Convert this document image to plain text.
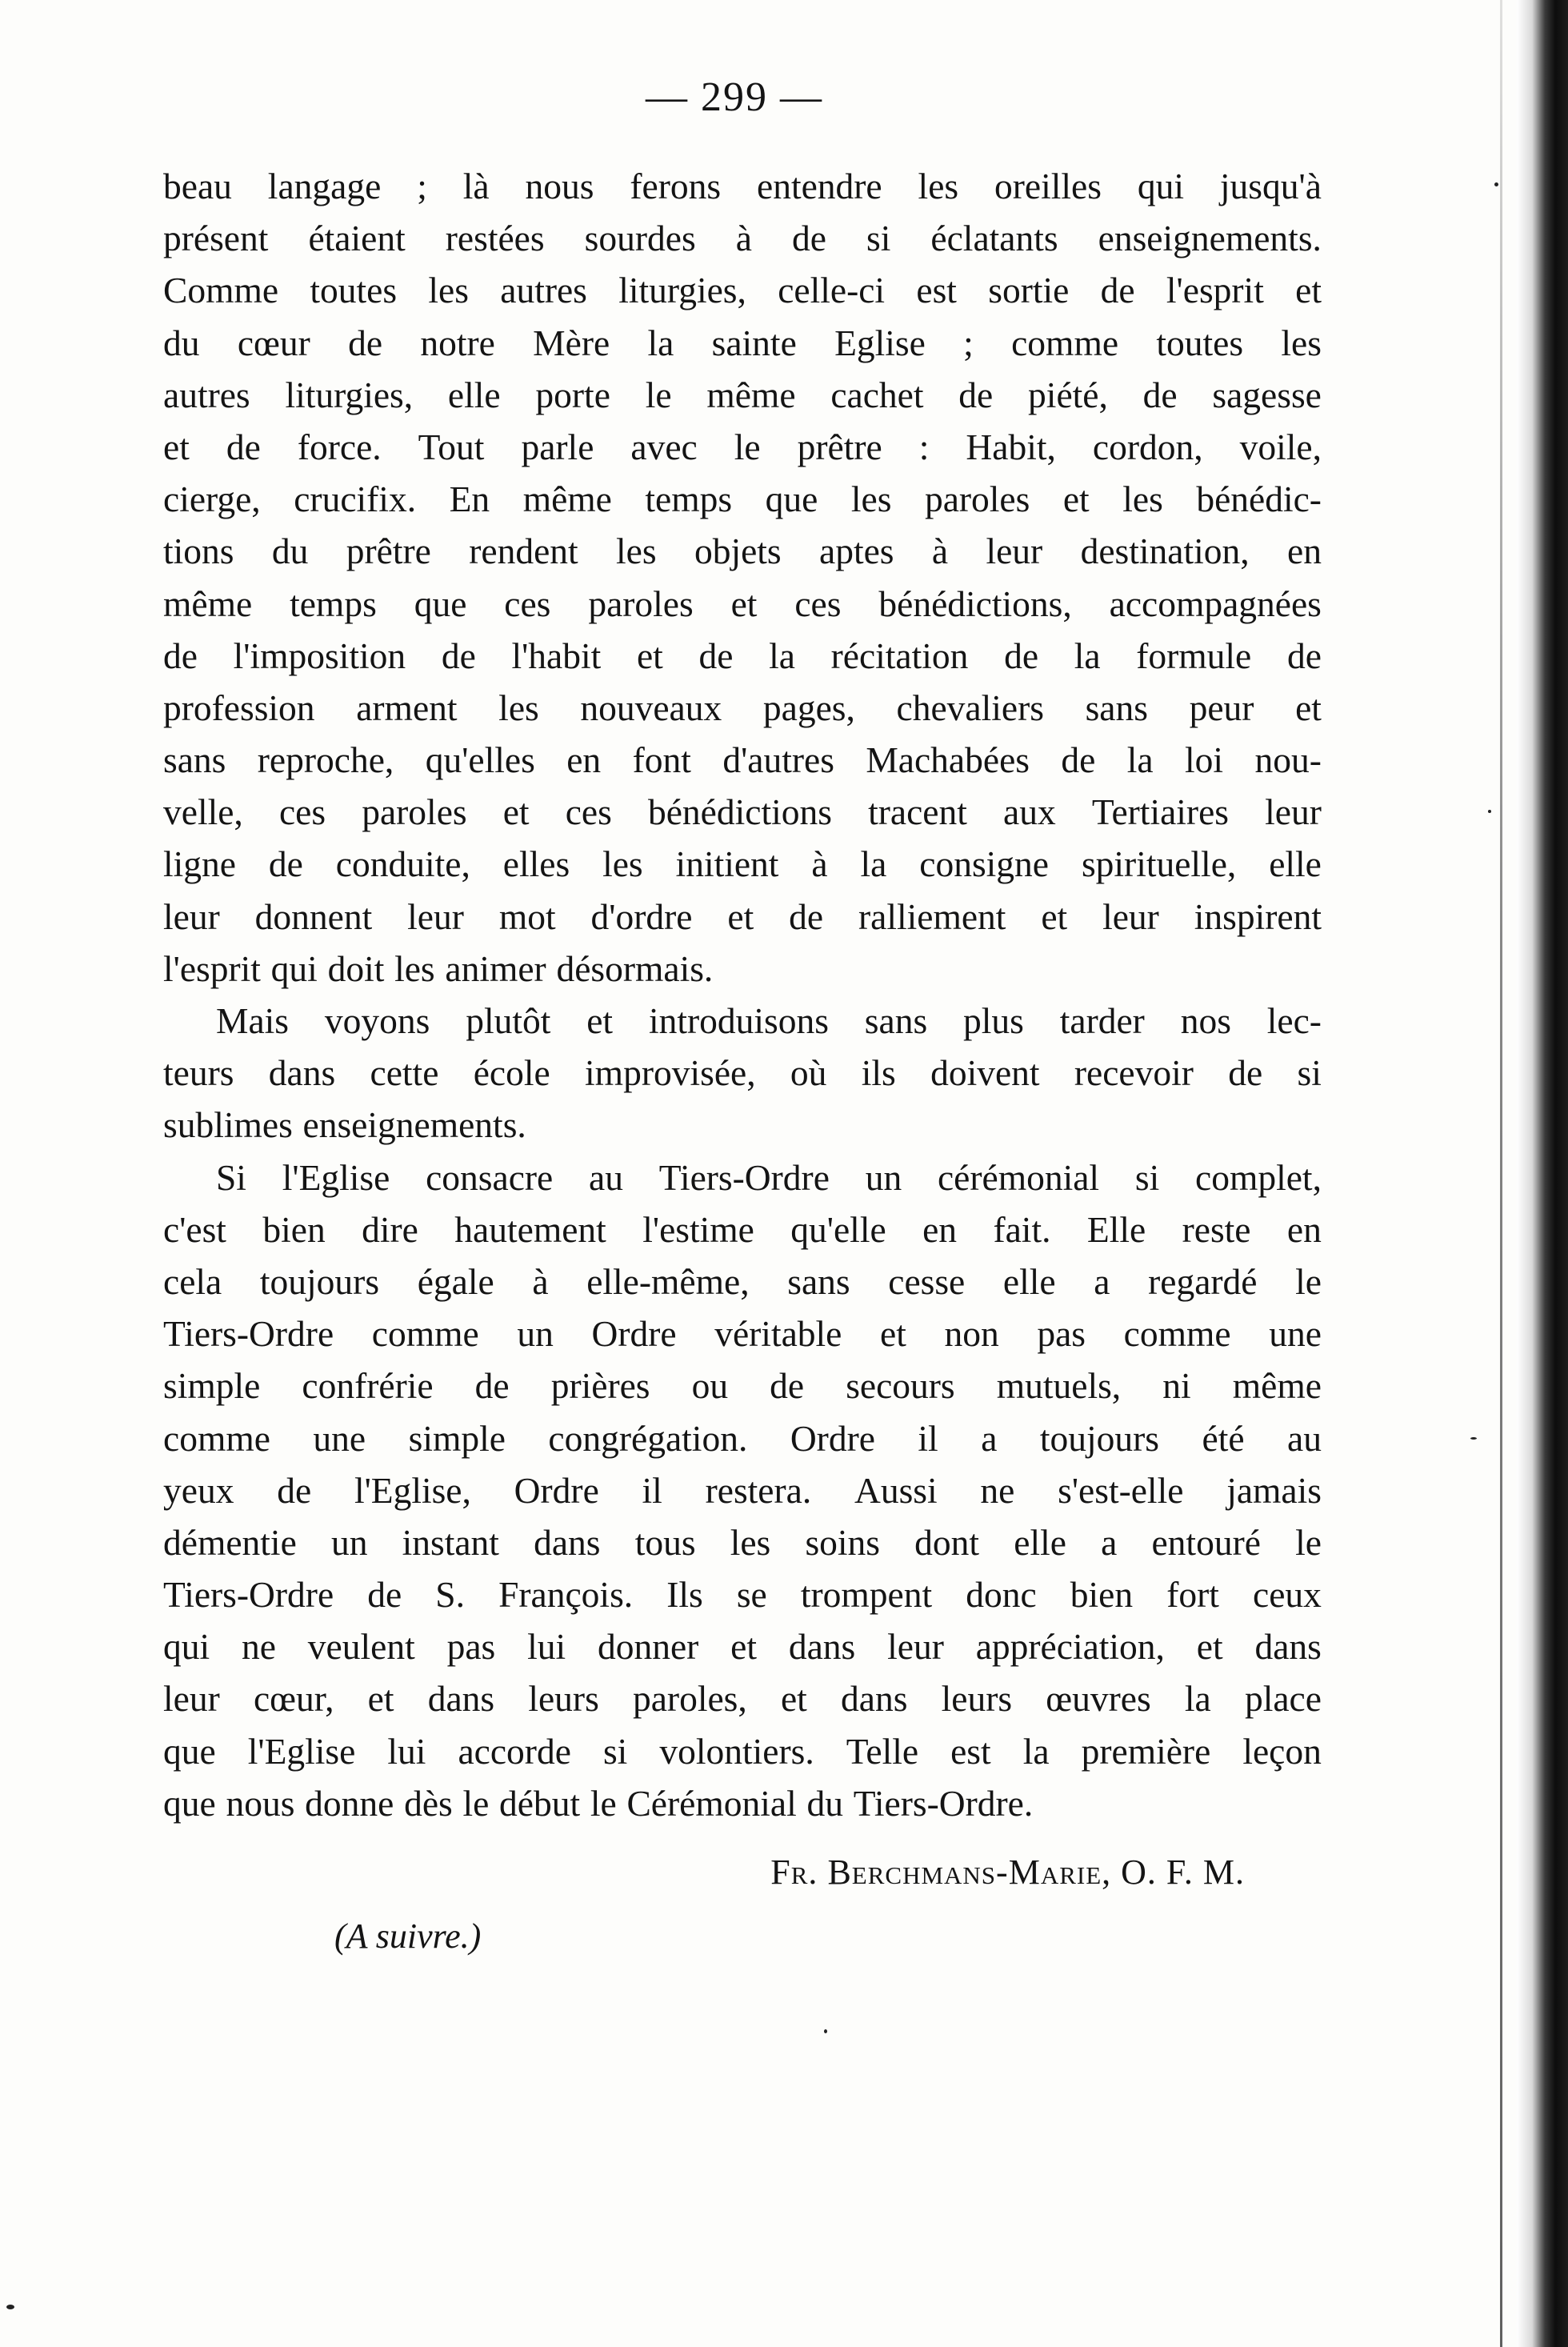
— 299 —
beau langage ; là nous ferons entendre les oreilles qui jusqu'à
présent étaient restées sourdes à de si éclatants enseignements.
Comme toutes les autres liturgies, celle-ci est sortie de l'esprit et
du cœur de notre Mère la sainte Eglise ; comme toutes les
autres liturgies, elle porte le même cachet de piété, de sagesse
et de force. Tout parle avec le prêtre : Habit, cordon, voile,
cierge, crucifix. En même temps que les paroles et les bénédic-
tions du prêtre rendent les objets aptes à leur destination, en
même temps que ces paroles et ces bénédictions, accompagnées
de l'imposition de l'habit et de la récitation de la formule de
profession arment les nouveaux pages, chevaliers sans peur et
sans reproche, qu'elles en font d'autres Machabées de la loi nou-
velle, ces paroles et ces bénédictions tracent aux Tertiaires leur
ligne de conduite, elles les initient à la consigne spirituelle, elle
leur donnent leur mot d'ordre et de ralliement et leur inspirent
l'esprit qui doit les animer désormais.
Mais voyons plutôt et introduisons sans plus tarder nos lec-
teurs dans cette école improvisée, où ils doivent recevoir de si
sublimes enseignements.
Si l'Eglise consacre au Tiers-Ordre un cérémonial si complet,
c'est bien dire hautement l'estime qu'elle en fait. Elle reste en
cela toujours égale à elle-même, sans cesse elle a regardé le
Tiers-Ordre comme un Ordre véritable et non pas comme une
simple confrérie de prières ou de secours mutuels, ni même
comme une simple congrégation. Ordre il a toujours été au
yeux de l'Eglise, Ordre il restera. Aussi ne s'est-elle jamais
démentie un instant dans tous les soins dont elle a entouré le
Tiers-Ordre de S. François. Ils se trompent donc bien fort ceux
qui ne veulent pas lui donner et dans leur appréciation, et dans
leur cœur, et dans leurs paroles, et dans leurs œuvres la place
que l'Eglise lui accorde si volontiers. Telle est la première leçon
que nous donne dès le début le Cérémonial du Tiers-Ordre.
Fr. Berchmans-Marie, O. F. M.
(A suivre.)
